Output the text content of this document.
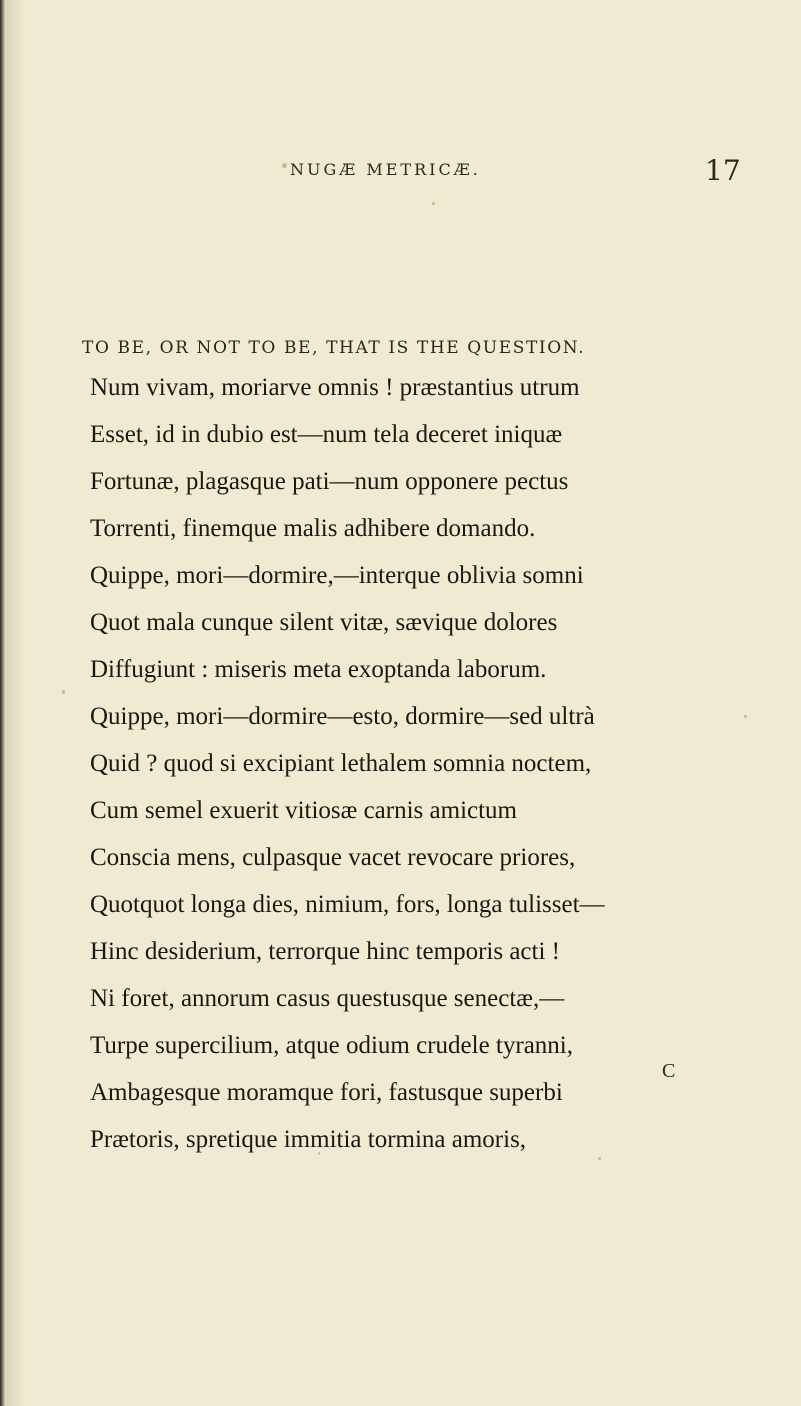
NUGÆ METRICÆ.	17
TO BE, OR NOT TO BE, THAT IS THE QUESTION.
Num vivam, moriarve omnis ! præstantius utrum
Esset, id in dubio est—num tela deceret iniquæ
Fortunæ, plagasque pati—num opponere pectus
Torrenti, finemque malis adhibere domando.
Quippe, mori—dormire,—interque oblivia somni
Quot mala cunque silent vitæ, sævique dolores
Diffugiunt : miseris meta exoptanda laborum.
Quippe, mori—dormire—esto, dormire—sed ultrà
Quid ? quod si excipiant lethalem somnia noctem,
Cum semel exuerit vitiosæ carnis amictum
Conscia mens, culpasque vacet revocare priores,
Quotquot longa dies, nimium, fors, longa tulisset—
Hinc desiderium, terrorque hinc temporis acti !
Ni foret, annorum casus questusque senectæ,—
Turpe supercilium, atque odium crudele tyranni,
Ambagesque moramque fori, fastusque superbi
Prætoris, spretique immitia tormina amoris,
C
